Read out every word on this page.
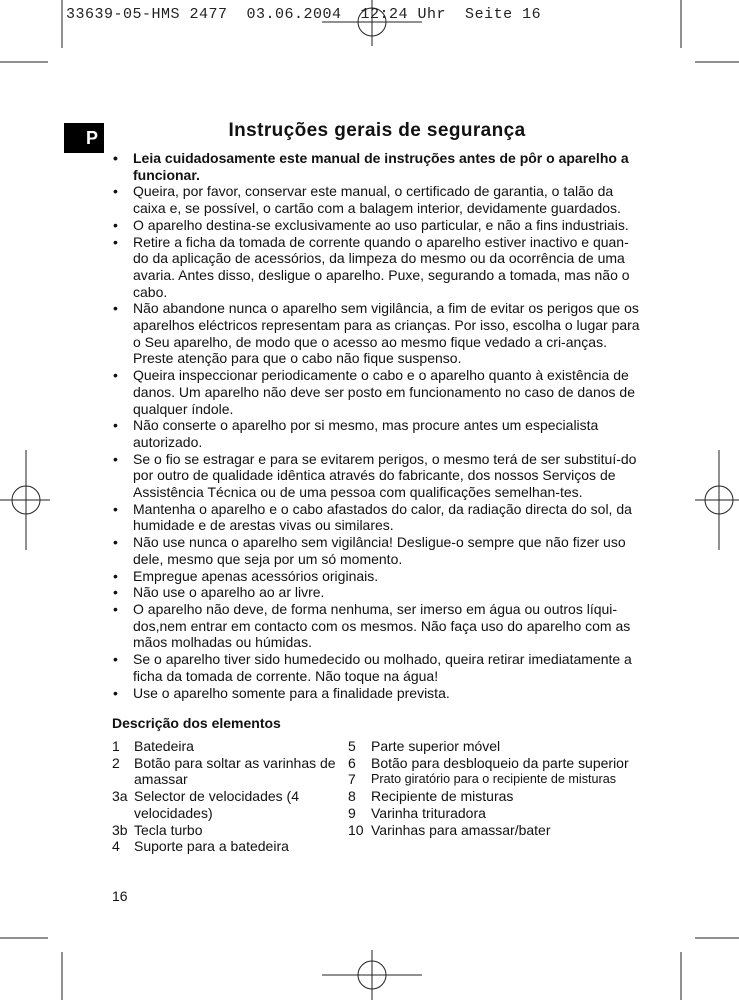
33639-05-HMS 2477  03.06.2004  12:24 Uhr  Seite 16
P	Instruções gerais de segurança
• Leia cuidadosamente este manual de instruções antes de pôr o aparelho a funcionar.
• Queira, por favor, conservar este manual, o certificado de garantia, o talão da caixa e, se possível, o cartão com a balagem interior, devidamente guardados.
• O aparelho destina-se exclusivamente ao uso particular, e não a fins industriais.
• Retire a ficha da tomada de corrente quando o aparelho estiver inactivo e quan-do da aplicação de acessórios, da limpeza do mesmo ou da ocorrência de uma avaria. Antes disso, desligue o aparelho. Puxe, segurando a tomada, mas não o cabo.
• Não abandone nunca o aparelho sem vigilância, a fim de evitar os perigos que os aparelhos eléctricos representam para as crianças. Por isso, escolha o lugar para o Seu aparelho, de modo que o acesso ao mesmo fique vedado a cri-anças. Preste atenção para que o cabo não fique suspenso.
• Queira inspeccionar periodicamente o cabo e o aparelho quanto à existência de danos. Um aparelho não deve ser posto em funcionamento no caso de danos de qualquer índole.
• Não conserte o aparelho por si mesmo, mas procure antes um especialista autorizado.
• Se o fio se estragar e para se evitarem perigos, o mesmo terá de ser substituí-do por outro de qualidade idêntica através do fabricante, dos nossos Serviços de Assistência Técnica ou de uma pessoa com qualificações semelhan-tes.
• Mantenha o aparelho e o cabo afastados do calor, da radiação directa do sol, da humidade e de arestas vivas ou similares.
• Não use nunca o aparelho sem vigilância! Desligue-o sempre que não fizer uso dele, mesmo que seja por um só momento.
• Empregue apenas acessórios originais.
• Não use o aparelho ao ar livre.
• O aparelho não deve, de forma nenhuma, ser imerso em água ou outros líqui-dos,nem entrar em contacto com os mesmos. Não faça uso do aparelho com as mãos molhadas ou húmidas.
• Se o aparelho tiver sido humedecido ou molhado, queira retirar imediatamente a ficha da tomada de corrente. Não toque na água!
• Use o aparelho somente para a finalidade prevista.
Descrição dos elementos
1	Batedeira
2	Botão para soltar as varinhas de amassar
3a Selector de velocidades (4 velocidades)
3b Tecla turbo
4	Suporte para a batedeira
5	Parte superior móvel
6	Botão para desbloqueio da parte superior
7	Prato giratório para o recipiente de misturas
8	Recipiente de misturas
9	Varinha trituradora
10 Varinhas para amassar/bater
16
